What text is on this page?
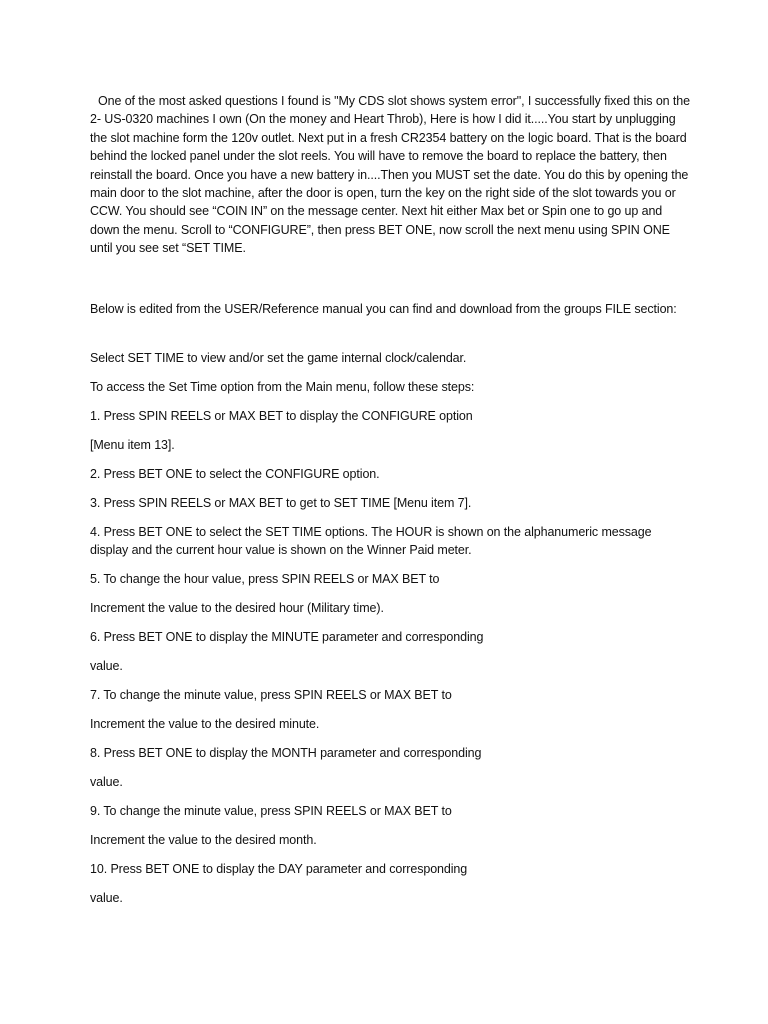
One of the most asked questions I found is "My CDS slot shows system error", I successfully fixed this on the 2- US-0320 machines I own (On the money and Heart Throb), Here is how I did it.....You start by unplugging the slot machine form the 120v outlet. Next put in a fresh CR2354 battery on the logic board. That is the board behind the locked panel under the slot reels. You will have to remove the board to replace the battery, then reinstall the board. Once you have a new battery in....Then you MUST set the date. You do this by opening the main door to the slot machine, after the door is open, turn the key on the right side of the slot towards you or CCW. You should see “COIN IN” on the message center. Next hit either Max bet or Spin one to go up and down the menu. Scroll to “CONFIGURE”, then press BET ONE, now scroll the next menu using SPIN ONE until you see set “SET TIME.

Below is edited from the USER/Reference manual you can find and download from the groups FILE section:

Select SET TIME to view and/or set the game internal clock/calendar.

To access the Set Time option from the Main menu, follow these steps:

1. Press SPIN REELS or MAX BET to display the CONFIGURE option

[Menu item 13].

2. Press BET ONE to select the CONFIGURE option.

3. Press SPIN REELS or MAX BET to get to SET TIME [Menu item 7].

4. Press BET ONE to select the SET TIME options. The HOUR is shown on the alphanumeric message display and the current hour value is shown on the Winner Paid meter.

5. To change the hour value, press SPIN REELS or MAX BET to

Increment the value to the desired hour (Military time).

6. Press BET ONE to display the MINUTE parameter and corresponding

value.

7. To change the minute value, press SPIN REELS or MAX BET to

Increment the value to the desired minute.

8. Press BET ONE to display the MONTH parameter and corresponding

value.

9. To change the minute value, press SPIN REELS or MAX BET to

Increment the value to the desired month.

10. Press BET ONE to display the DAY parameter and corresponding

value.
